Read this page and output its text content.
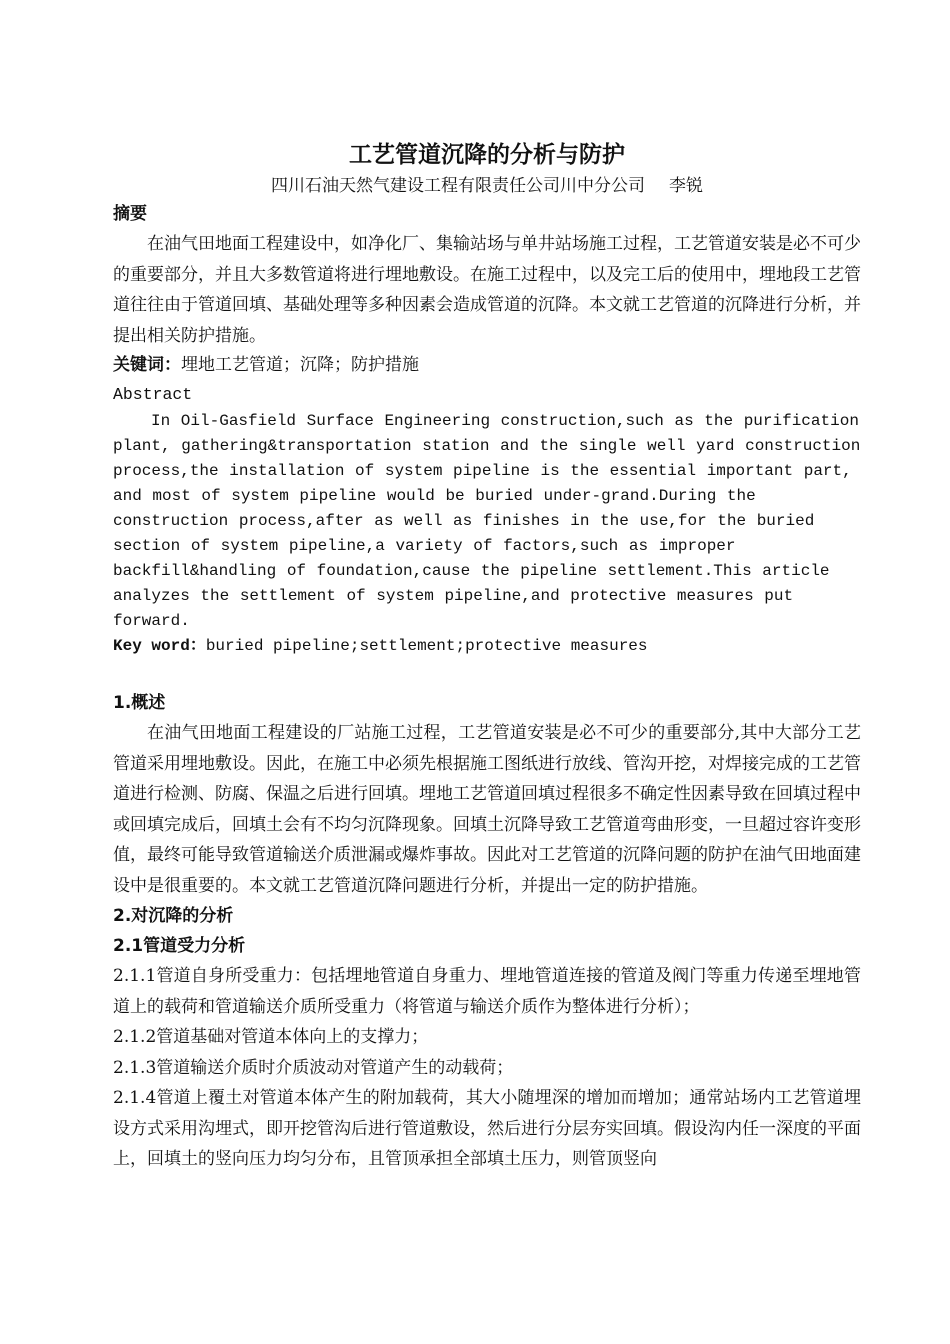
工艺管道沉降的分析与防护

四川石油天然气建设工程有限责任公司川中分公司 李锐

摘要

在油气田地面工程建设中，如净化厂、集输站场与单井站场施工过程，工艺管道安装是必不可少的重要部分，并且大多数管道将进行埋地敷设。在施工过程中，以及完工后的使用中，埋地段工艺管道往往由于管道回填、基础处理等多种因素会造成管道的沉降。本文就工艺管道的沉降进行分析，并提出相关防护措施。

关键词：埋地工艺管道；沉降；防护措施

Abstract

In Oil-Gasfield Surface Engineering construction,such as the purification plant, gathering&transportation station and the single well yard construction process,the installation of system pipeline is the essential important part, and most of system pipeline would be buried under-grand.During the construction process,after as well as finishes in the use,for the buried section of system pipeline,a variety of factors,such as improper backfill&handling of foundation,cause the pipeline settlement.This article analyzes the settlement of system pipeline,and protective measures put forward.

Key word：buried pipeline;settlement;protective measures

1.概述

在油气田地面工程建设的厂站施工过程，工艺管道安装是必不可少的重要部分,其中大部分工艺管道采用埋地敷设。因此，在施工中必须先根据施工图纸进行放线、管沟开挖，对焊接完成的工艺管道进行检测、防腐、保温之后进行回填。埋地工艺管道回填过程很多不确定性因素导致在回填过程中或回填完成后，回填土会有不均匀沉降现象。回填土沉降导致工艺管道弯曲形变，一旦超过容许变形值，最终可能导致管道输送介质泄漏或爆炸事故。因此对工艺管道的沉降问题的防护在油气田地面建设中是很重要的。本文就工艺管道沉降问题进行分析，并提出一定的防护措施。

2.对沉降的分析

2.1管道受力分析

2.1.1管道自身所受重力：包括埋地管道自身重力、埋地管道连接的管道及阀门等重力传递至埋地管道上的载荷和管道输送介质所受重力（将管道与输送介质作为整体进行分析）；

2.1.2管道基础对管道本体向上的支撑力；

2.1.3管道输送介质时介质波动对管道产生的动载荷；

2.1.4管道上覆土对管道本体产生的附加载荷，其大小随埋深的增加而增加；通常站场内工艺管道埋设方式采用沟埋式，即开挖管沟后进行管道敷设，然后进行分层夯实回填。假设沟内任一深度的平面上，回填土的竖向压力均匀分布，且管顶承担全部填土压力，则管顶竖向
